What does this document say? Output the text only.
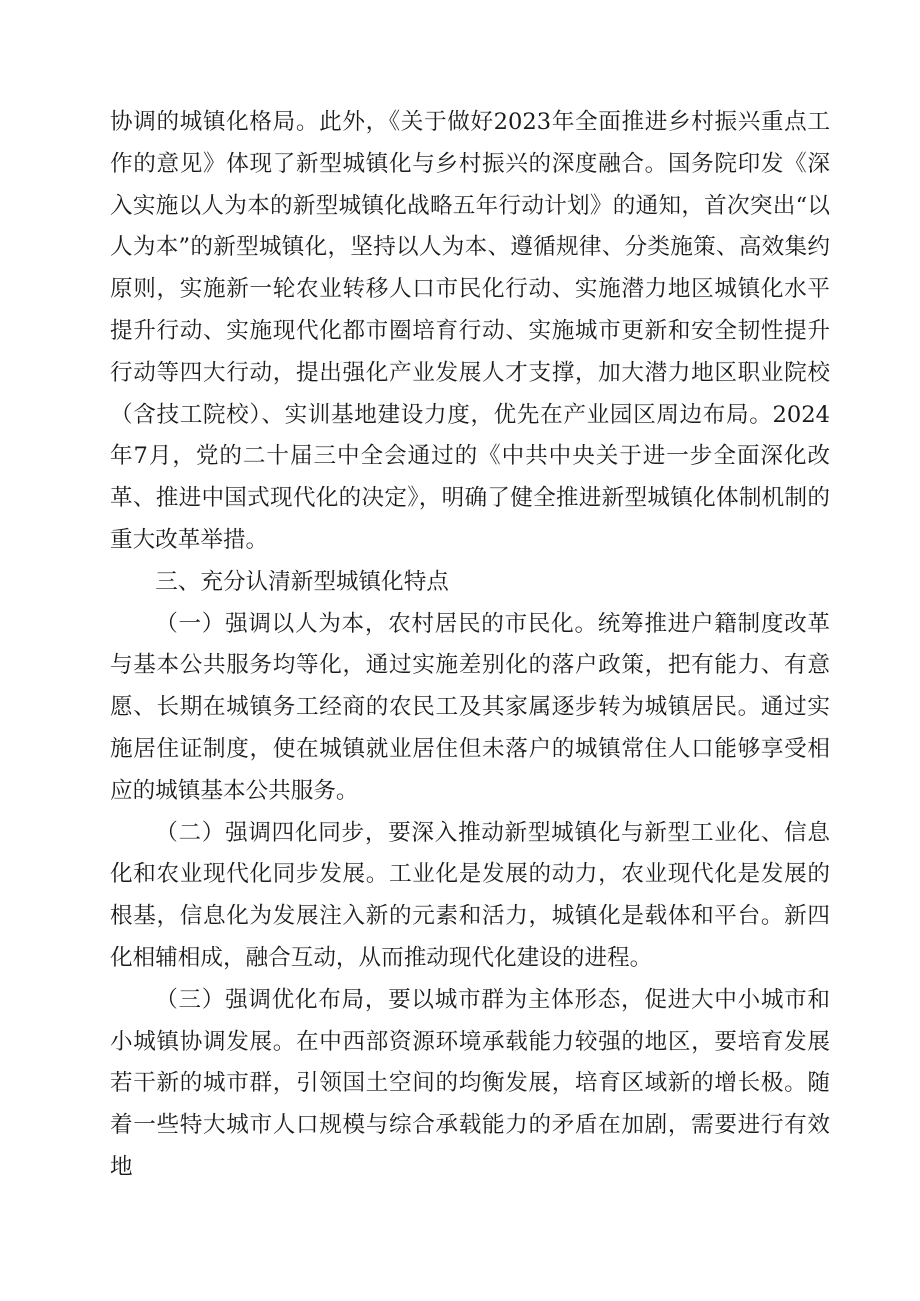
协调的城镇化格局。此外，《关于做好2023年全面推进乡村振兴重点工作的意见》体现了新型城镇化与乡村振兴的深度融合。国务院印发《深入实施以人为本的新型城镇化战略五年行动计划》的通知，首次突出“以人为本”的新型城镇化，坚持以人为本、遵循规律、分类施策、高效集约原则，实施新一轮农业转移人口市民化行动、实施潜力地区城镇化水平提升行动、实施现代化都市圈培育行动、实施城市更新和安全韧性提升行动等四大行动，提出强化产业发展人才支撑，加大潜力地区职业院校（含技工院校）、实训基地建设力度，优先在产业园区周边布局。2024年7月，党的二十届三中全会通过的《中共中央关于进一步全面深化改革、推进中国式现代化的决定》，明确了健全推进新型城镇化体制机制的重大改革举措。

三、充分认清新型城镇化特点

（一）强调以人为本，农村居民的市民化。统筹推进户籍制度改革与基本公共服务均等化，通过实施差别化的落户政策，把有能力、有意愿、长期在城镇务工经商的农民工及其家属逐步转为城镇居民。通过实施居住证制度，使在城镇就业居住但未落户的城镇常住人口能够享受相应的城镇基本公共服务。

（二）强调四化同步，要深入推动新型城镇化与新型工业化、信息化和农业现代化同步发展。工业化是发展的动力，农业现代化是发展的根基，信息化为发展注入新的元素和活力，城镇化是载体和平台。新四化相辅相成，融合互动，从而推动现代化建设的进程。

（三）强调优化布局，要以城市群为主体形态，促进大中小城市和小城镇协调发展。在中西部资源环境承载能力较强的地区，要培育发展若干新的城市群，引领国土空间的均衡发展，培育区域新的增长极。随着一些特大城市人口规模与综合承载能力的矛盾在加剧，需要进行有效地
